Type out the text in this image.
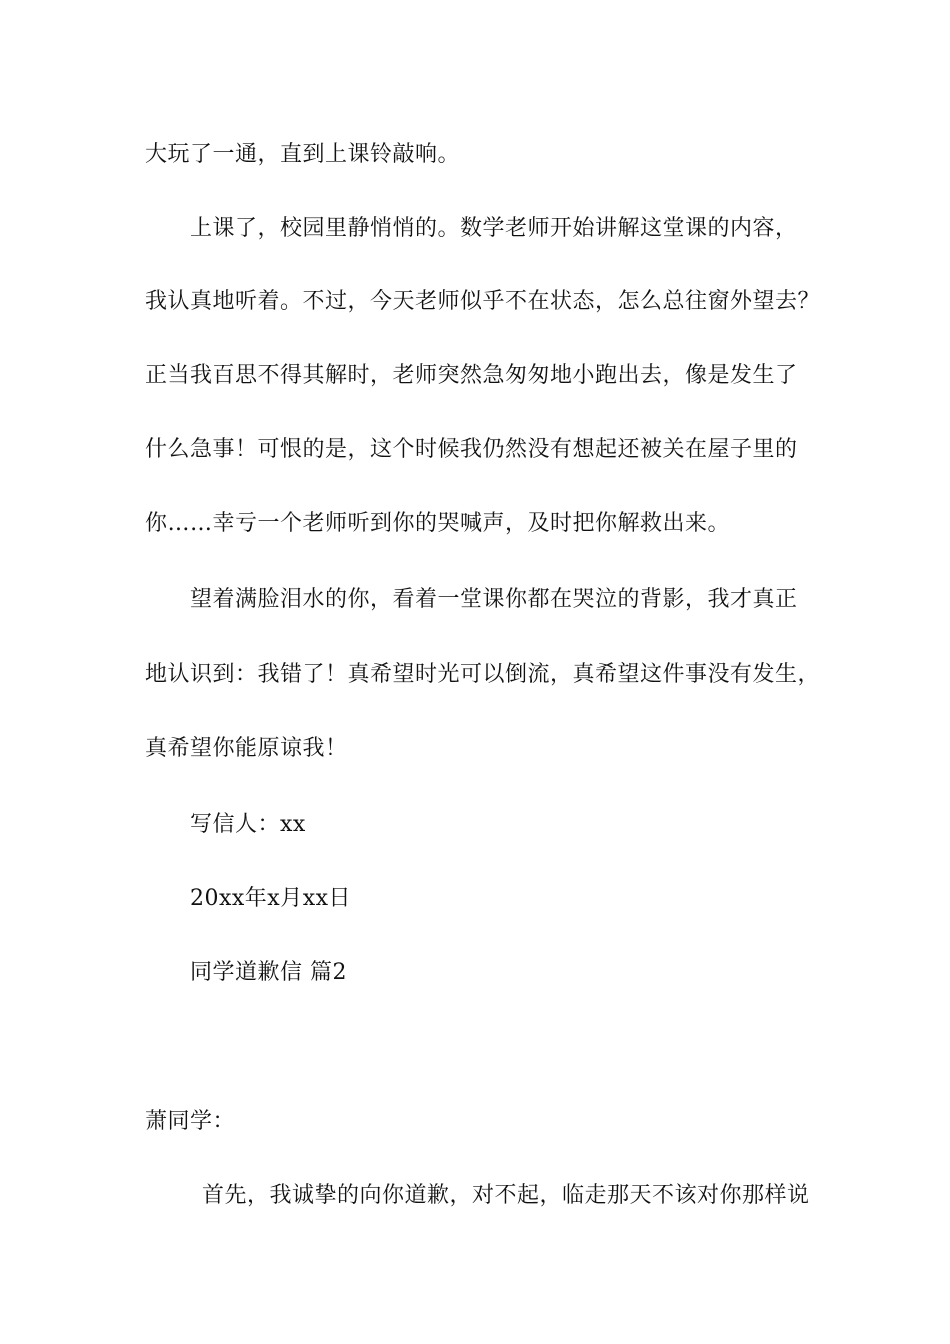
大玩了一通，直到上课铃敲响。
上课了，校园里静悄悄的。数学老师开始讲解这堂课的内容，
我认真地听着。不过，今天老师似乎不在状态，怎么总往窗外望去？
正当我百思不得其解时，老师突然急匆匆地小跑出去，像是发生了
什么急事！可恨的是，这个时候我仍然没有想起还被关在屋子里的
你……幸亏一个老师听到你的哭喊声，及时把你解救出来。
望着满脸泪水的你，看着一堂课你都在哭泣的背影，我才真正
地认识到：我错了！真希望时光可以倒流，真希望这件事没有发生，
真希望你能原谅我！
写信人：xx
20xx年x月xx日
同学道歉信 篇2
萧同学：
首先，我诚挚的向你道歉，对不起，临走那天不该对你那样说
